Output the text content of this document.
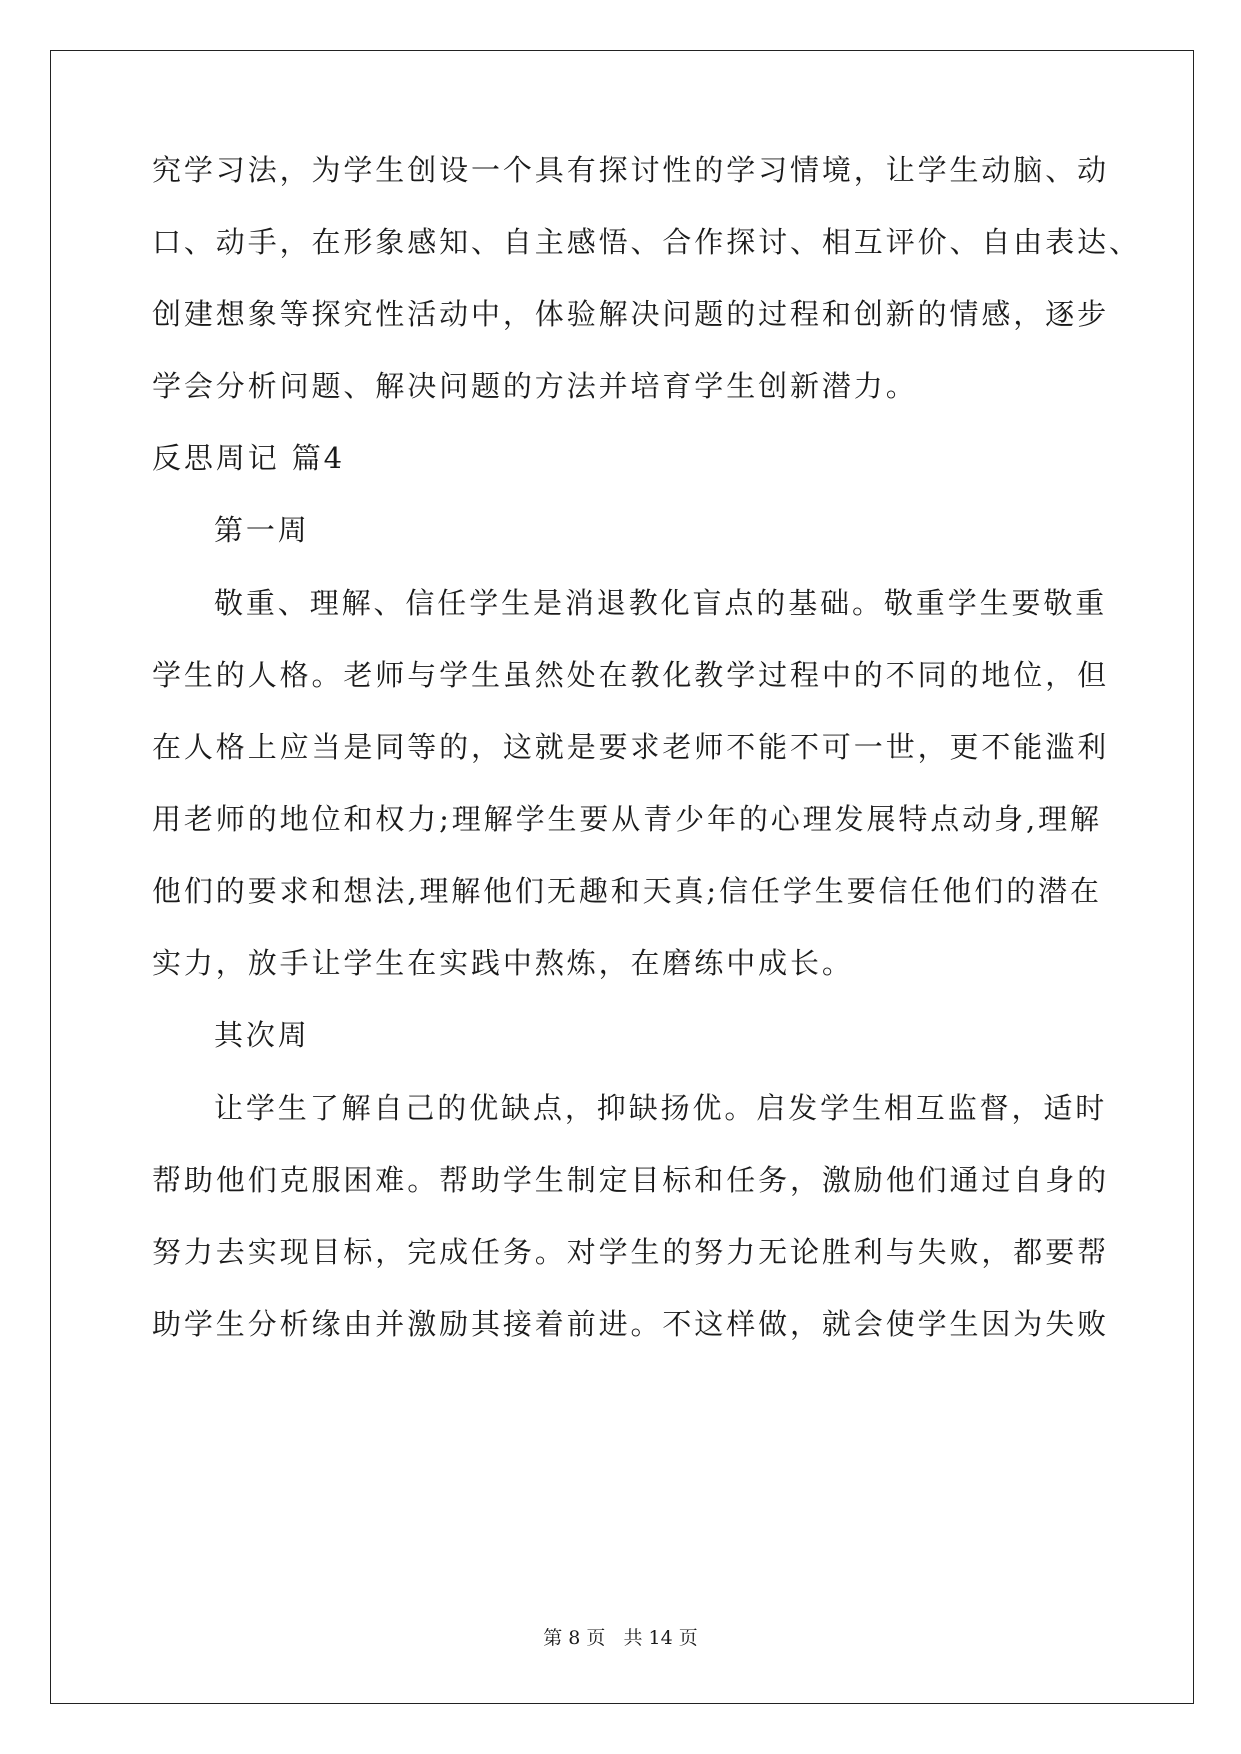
究学习法，为学生创设一个具有探讨性的学习情境，让学生动脑、动
口、动手，在形象感知、自主感悟、合作探讨、相互评价、自由表达、
创建想象等探究性活动中，体验解决问题的过程和创新的情感，逐步
学会分析问题、解决问题的方法并培育学生创新潜力。
反思周记 篇4
第一周
敬重、理解、信任学生是消退教化盲点的基础。敬重学生要敬重
学生的人格。老师与学生虽然处在教化教学过程中的不同的地位，但
在人格上应当是同等的，这就是要求老师不能不可一世，更不能滥利
用老师的地位和权力;理解学生要从青少年的心理发展特点动身,理解
他们的要求和想法,理解他们无趣和天真;信任学生要信任他们的潜在
实力，放手让学生在实践中熬炼，在磨练中成长。
其次周
让学生了解自己的优缺点，抑缺扬优。启发学生相互监督，适时
帮助他们克服困难。帮助学生制定目标和任务，激励他们通过自身的
努力去实现目标，完成任务。对学生的努力无论胜利与失败，都要帮
助学生分析缘由并激励其接着前进。不这样做，就会使学生因为失败
第 8 页   共 14 页
